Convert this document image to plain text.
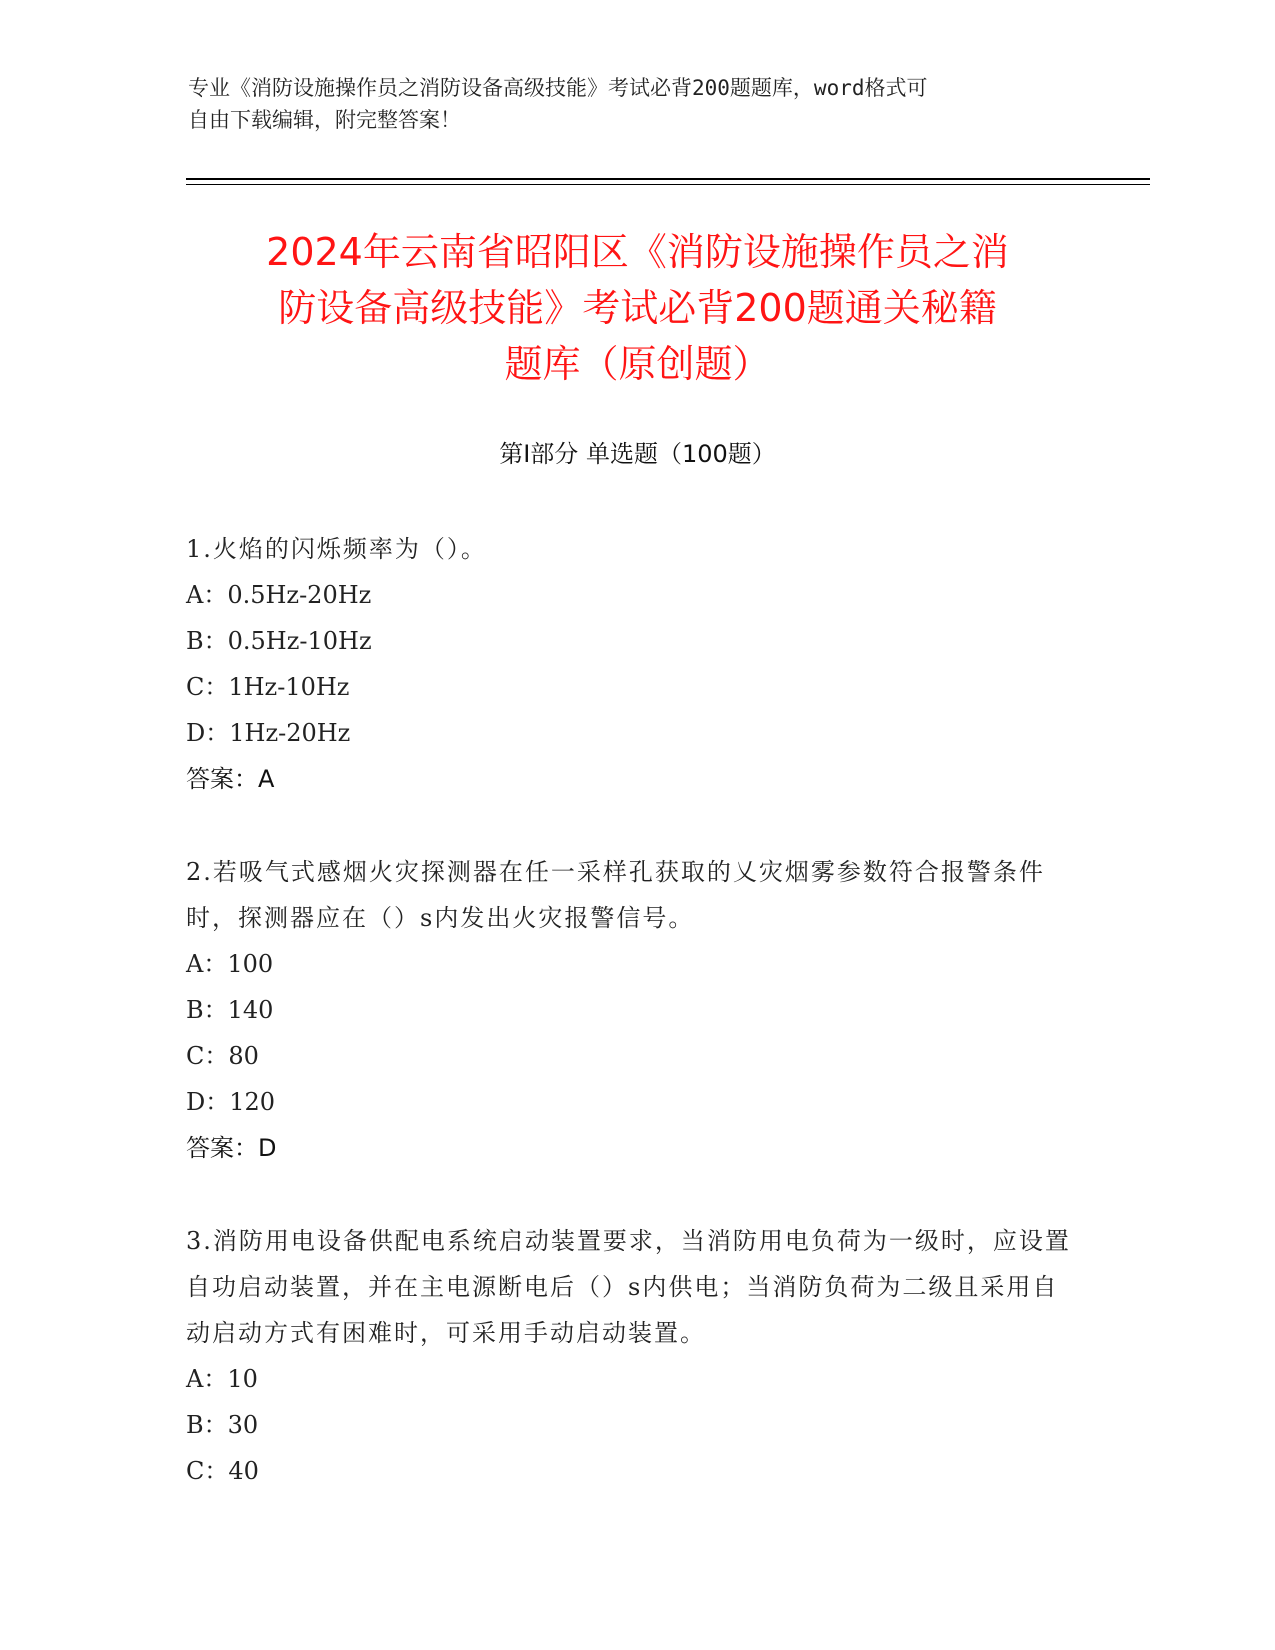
专业《消防设施操作员之消防设备高级技能》考试必背200题题库，word格式可
自由下载编辑，附完整答案！
2024年云南省昭阳区《消防设施操作员之消
防设备高级技能》考试必背200题通关秘籍
题库（原创题）
第Ⅰ部分 单选题（100题）
1.火焰的闪烁频率为（）。
A：0.5Hz-20Hz
B：0.5Hz-10Hz
C：1Hz-10Hz
D：1Hz-20Hz
答案：A
2.若吸气式感烟火灾探测器在任一采样孔获取的乂灾烟雾参数符合报警条件时，探测器应在（）s内发出火灾报警信号。
A：100
B：140
C：80
D：120
答案：D
3.消防用电设备供配电系统启动装置要求，当消防用电负荷为一级时，应设置自功启动装置，并在主电源断电后（）s内供电；当消防负荷为二级且采用自动启动方式有困难时，可采用手动启动装置。
A：10
B：30
C：40
